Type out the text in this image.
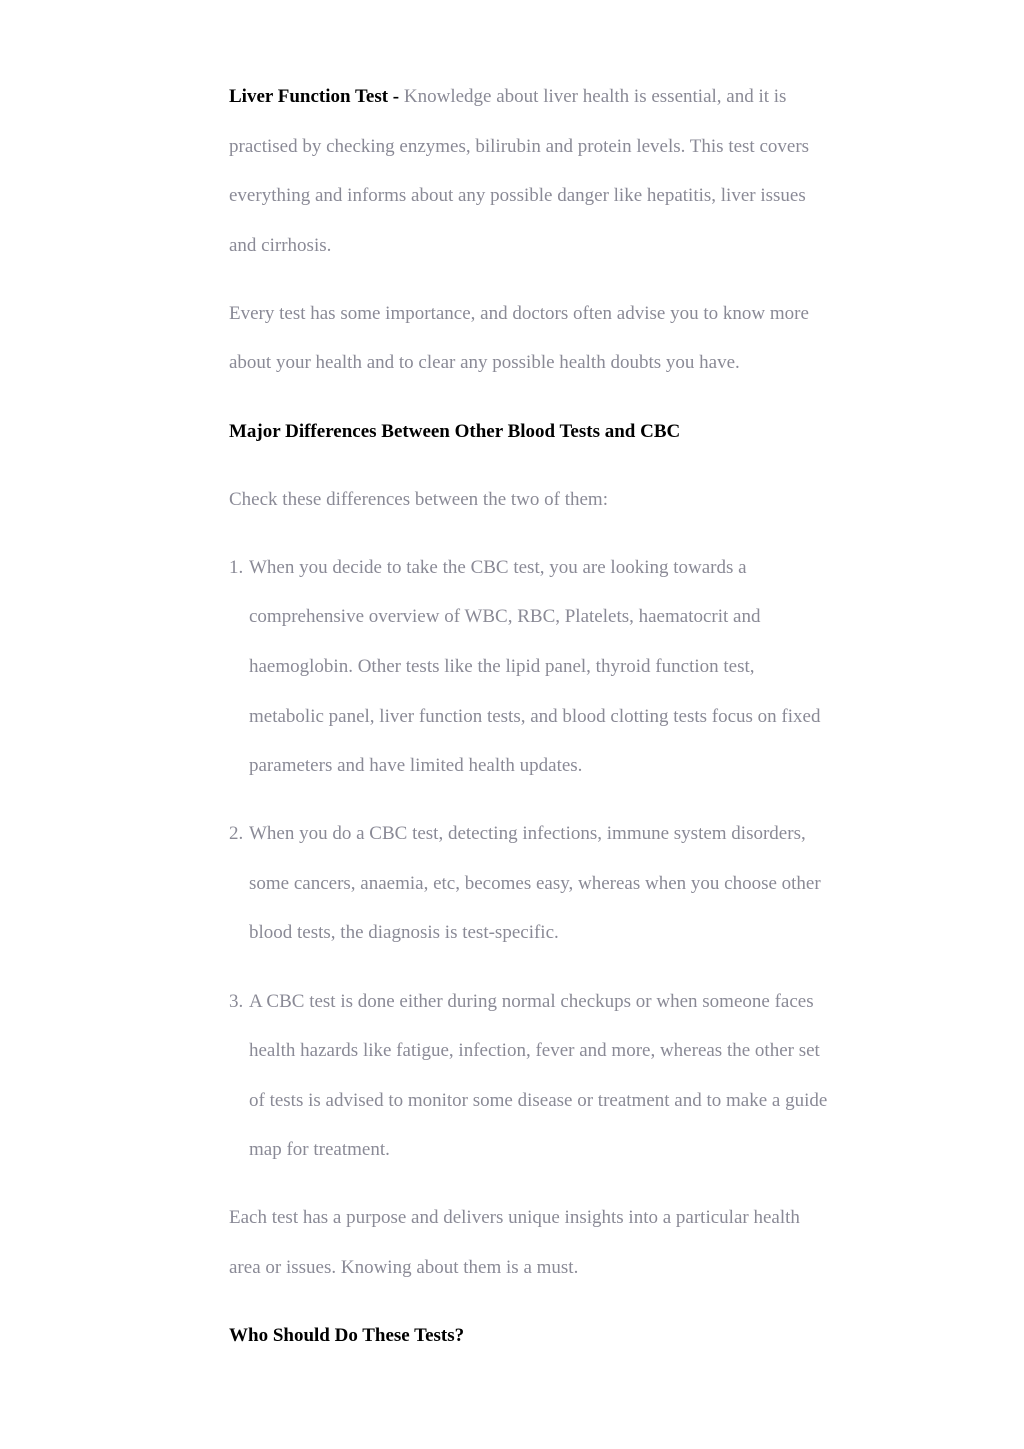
Liver Function Test - Knowledge about liver health is essential, and it is practised by checking enzymes, bilirubin and protein levels. This test covers everything and informs about any possible danger like hepatitis, liver issues and cirrhosis.

Every test has some importance, and doctors often advise you to know more about your health and to clear any possible health doubts you have.

Major Differences Between Other Blood Tests and CBC

Check these differences between the two of them:

1. When you decide to take the CBC test, you are looking towards a comprehensive overview of WBC, RBC, Platelets, haematocrit and haemoglobin. Other tests like the lipid panel, thyroid function test, metabolic panel, liver function tests, and blood clotting tests focus on fixed parameters and have limited health updates.
2. When you do a CBC test, detecting infections, immune system disorders, some cancers, anaemia, etc, becomes easy, whereas when you choose other blood tests, the diagnosis is test-specific.
3. A CBC test is done either during normal checkups or when someone faces health hazards like fatigue, infection, fever and more, whereas the other set of tests is advised to monitor some disease or treatment and to make a guide map for treatment.

Each test has a purpose and delivers unique insights into a particular health area or issues. Knowing about them is a must.

Who Should Do These Tests?
